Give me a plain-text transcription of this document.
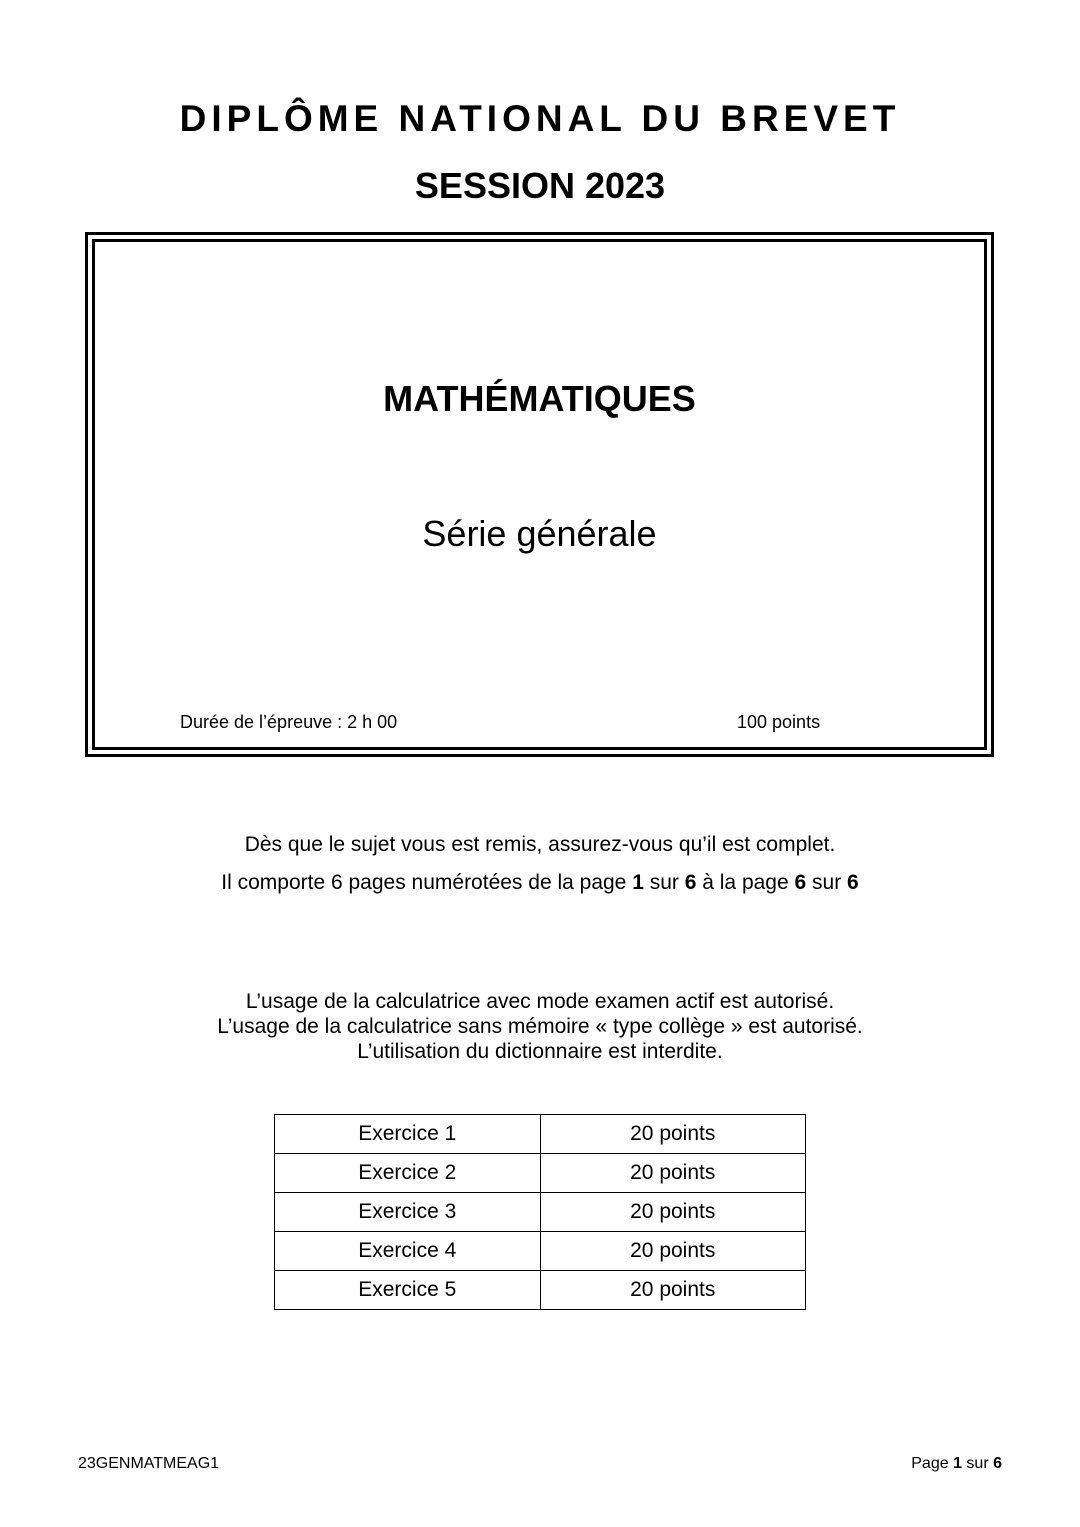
DIPLÔME NATIONAL DU BREVET
SESSION 2023
MATHÉMATIQUES
Série générale
Durée de l’épreuve : 2 h 00	100 points
Dès que le sujet vous est remis, assurez-vous qu’il est complet.
Il comporte 6 pages numérotées de la page 1 sur 6 à la page 6 sur 6
L’usage de la calculatrice avec mode examen actif est autorisé.
L’usage de la calculatrice sans mémoire « type collège » est autorisé.
L’utilisation du dictionnaire est interdite.
Exercice 1	20 points
Exercice 2	20 points
Exercice 3	20 points
Exercice 4	20 points
Exercice 5	20 points
23GENMATMEAG1	Page 1 sur 6
